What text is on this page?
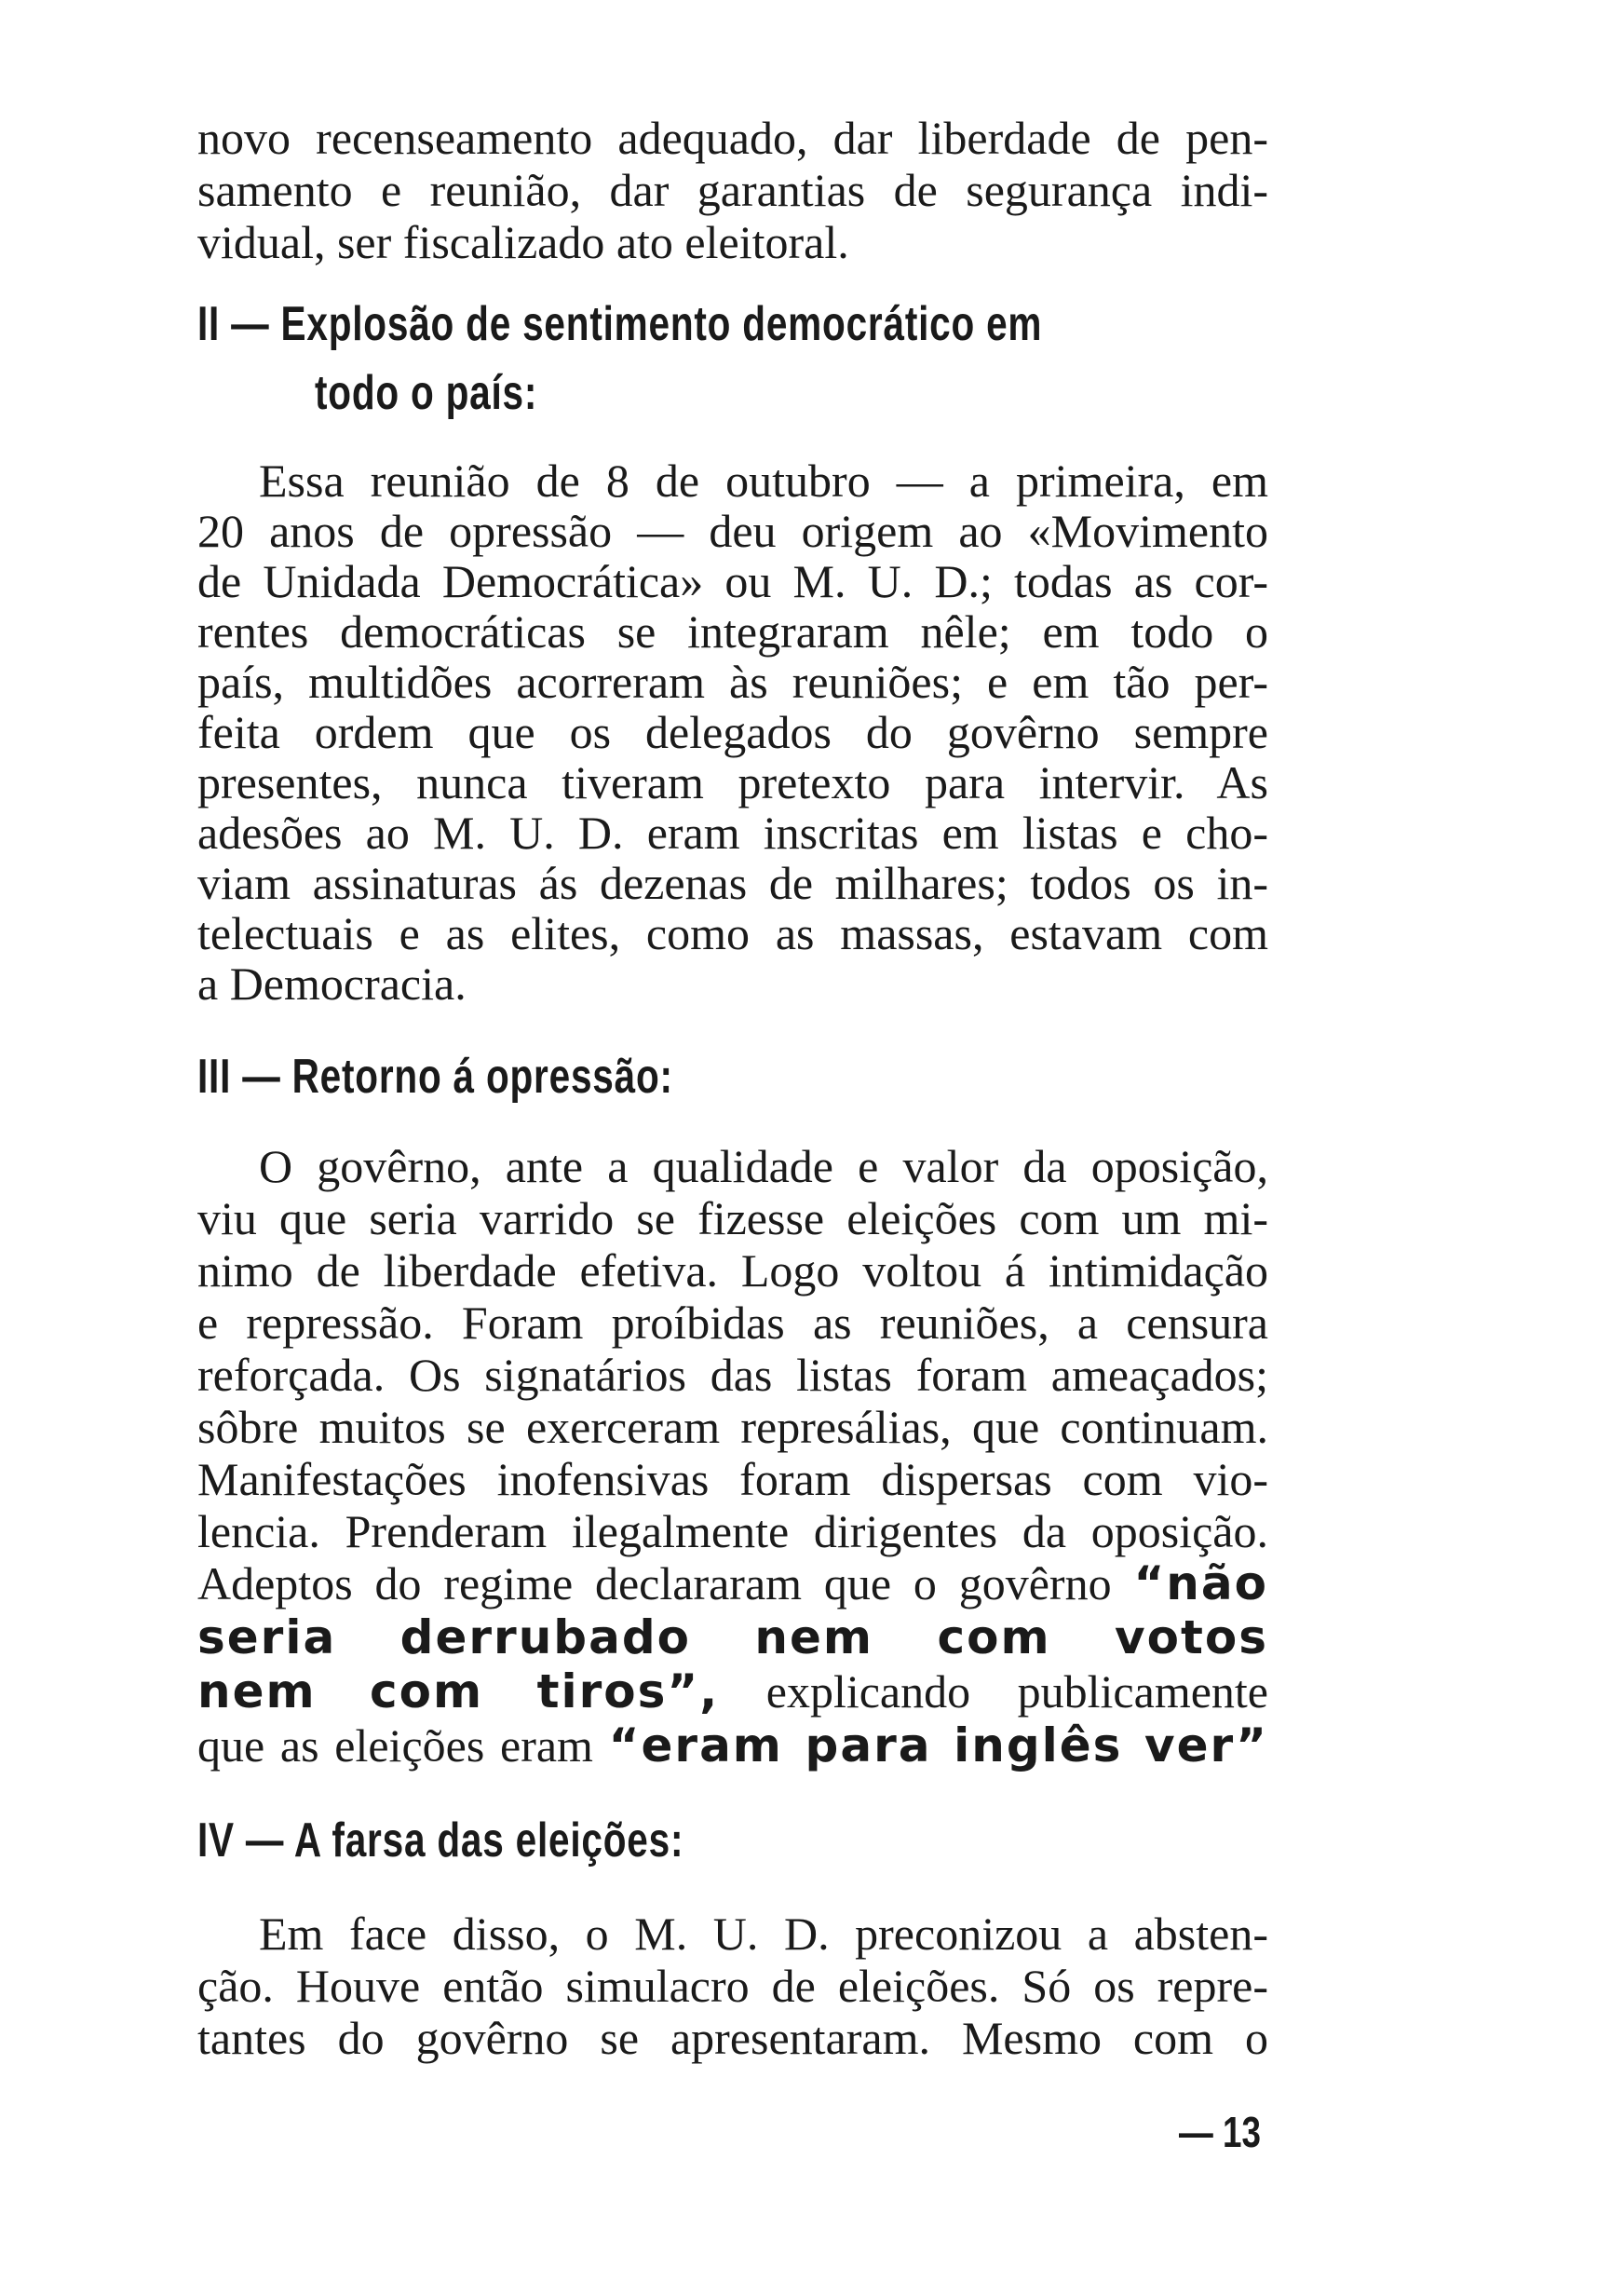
novo recenseamento adequado, dar liberdade de pen-
samento e reunião, dar garantias de segurança indi-
vidual, ser fiscalizado ato eleitoral.
II — Explosão de sentimento democrático em
todo o país:
Essa reunião de 8 de outubro — a primeira, em
20 anos de opressão — deu origem ao «Movimento
de Unidada Democrática» ou M. U. D.; todas as cor-
rentes democráticas se integraram nêle; em todo o
país, multidões acorreram às reuniões; e em tão per-
feita ordem que os delegados do govêrno sempre
presentes, nunca tiveram pretexto para intervir. As
adesões ao M. U. D. eram inscritas em listas e cho-
viam assinaturas ás dezenas de milhares; todos os in-
telectuais e as elites, como as massas, estavam com
a Democracia.
III — Retorno á opressão:
O govêrno, ante a qualidade e valor da oposição,
viu que seria varrido se fizesse eleições com um mi-
nimo de liberdade efetiva. Logo voltou á intimidação
e repressão. Foram proíbidas as reuniões, a censura
reforçada. Os signatários das listas foram ameaçados;
sôbre muitos se exerceram represálias, que continuam.
Manifestações inofensivas foram dispersas com vio-
lencia. Prenderam ilegalmente dirigentes da oposição.
Adeptos do regime declararam que o govêrno “não
seria derrubado nem com votos
nem com tiros”, explicando publicamente
que as eleições eram “eram para inglês ver”
IV — A farsa das eleições:
Em face disso, o M. U. D. preconizou a absten-
ção. Houve então simulacro de eleições. Só os repre-
tantes do govêrno se apresentaram. Mesmo com o
— 13
